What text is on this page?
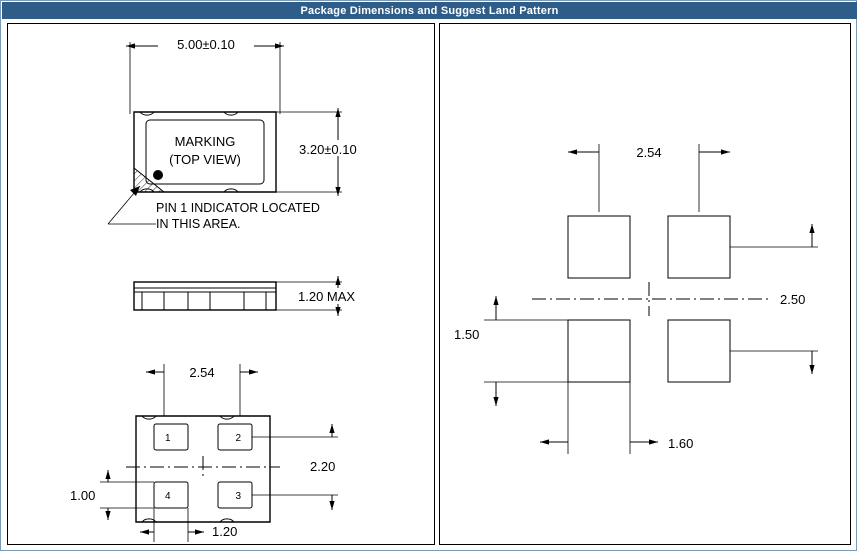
Package Dimensions and Suggest Land Pattern
5.00±0.10
MARKING
(TOP VIEW)
3.20±0.10
PIN 1 INDICATOR LOCATED
IN THIS AREA.
1.20 MAX
2.54
1	2
4	3
2.20
1.00
1.20
2.54
2.50
1.50
1.60
